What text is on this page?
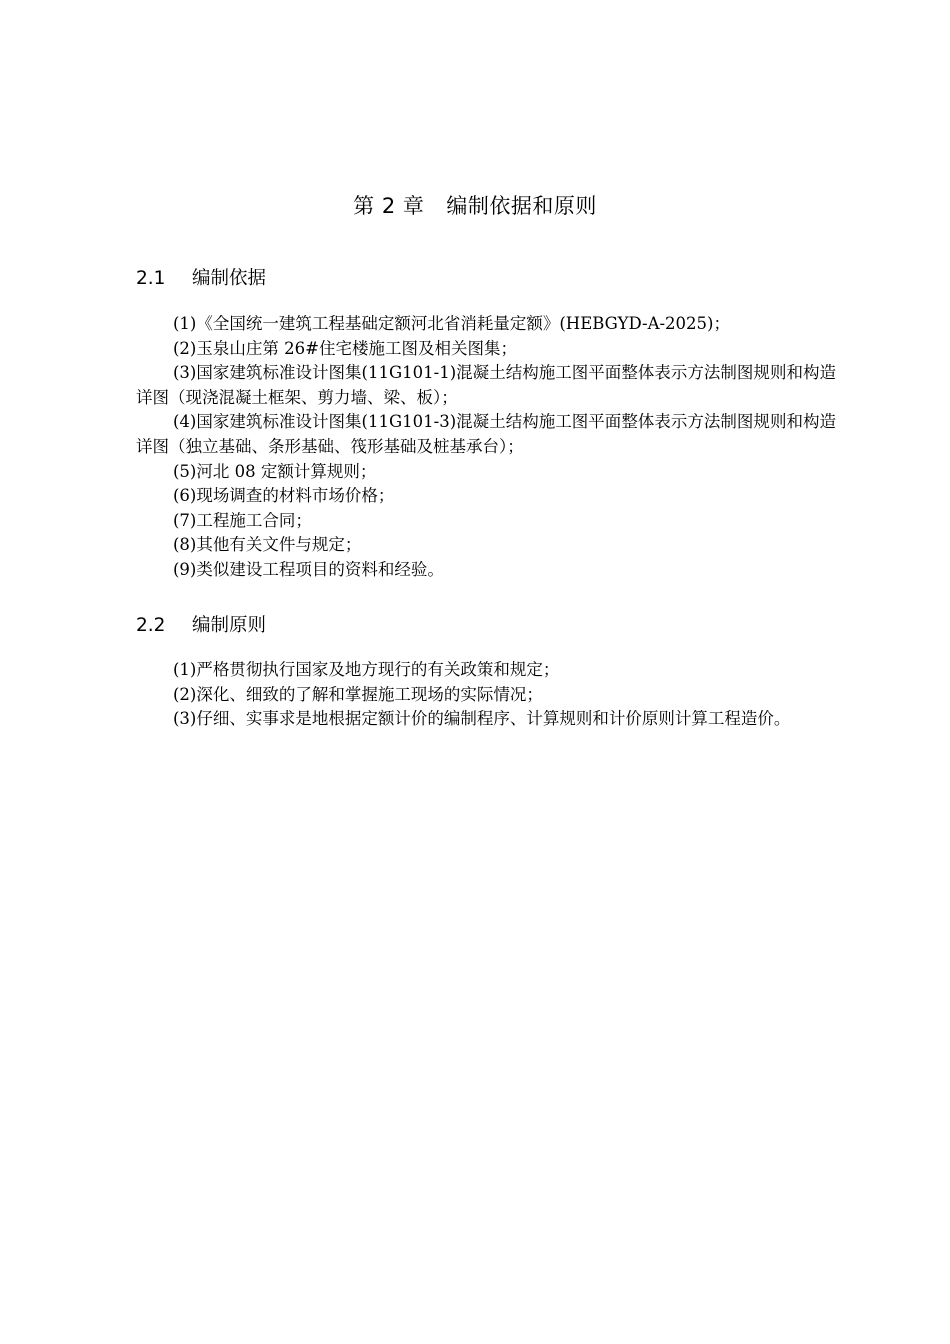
第 2 章 编制依据和原则
2.1 编制依据
(1)《全国统一建筑工程基础定额河北省消耗量定额》(HEBGYD-A-2025)；
(2)玉泉山庄第 26#住宅楼施工图及相关图集；
(3)国家建筑标准设计图集(11G101-1)混凝土结构施工图平面整体表示方法制图规则和构造详图（现浇混凝土框架、剪力墙、梁、板）；
(4)国家建筑标准设计图集(11G101-3)混凝土结构施工图平面整体表示方法制图规则和构造详图（独立基础、条形基础、筏形基础及桩基承台）；
(5)河北 08 定额计算规则；
(6)现场调查的材料市场价格；
(7)工程施工合同；
(8)其他有关文件与规定；
(9)类似建设工程项目的资料和经验。
2.2 编制原则
(1)严格贯彻执行国家及地方现行的有关政策和规定；
(2)深化、细致的了解和掌握施工现场的实际情况；
(3)仔细、实事求是地根据定额计价的编制程序、计算规则和计价原则计算工程造价。
